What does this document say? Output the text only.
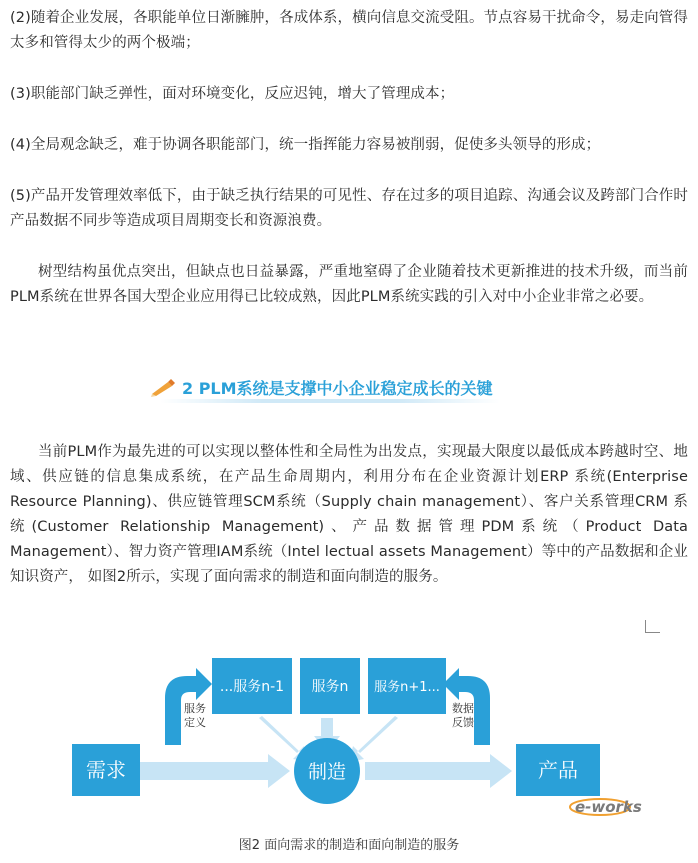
(2)随着企业发展，各职能单位日渐臃肿，各成体系，横向信息交流受阻。节点容易干扰命令，易走向管得太多和管得太少的两个极端；

(3)职能部门缺乏弹性，面对环境变化，反应迟钝，增大了管理成本；

(4)全局观念缺乏，难于协调各职能部门，统一指挥能力容易被削弱，促使多头领导的形成；

(5)产品开发管理效率低下，由于缺乏执行结果的可见性、存在过多的项目追踪、沟通会议及跨部门合作时产品数据不同步等造成项目周期变长和资源浪费。

树型结构虽优点突出，但缺点也日益暴露，严重地窒碍了企业随着技术更新推进的技术升级，而当前PLM系统在世界各国大型企业应用得已比较成熟，因此PLM系统实践的引入对中小企业非常之必要。

2 PLM系统是支撑中小企业稳定成长的关键

当前PLM作为最先进的可以实现以整体性和全局性为出发点，实现最大限度以最低成本跨越时空、地域、供应链的信息集成系统，在产品生命周期内，利用分布在企业资源计划ERP 系统(Enterprise Resource Planning)、供应链管理SCM系统（Supply chain management）、客户关系管理CRM 系统(Customer Relationship Management)、产品数据管理PDM系统（Product Data Management）、智力资产管理IAM系统（Intel lectual assets Management）等中的产品数据和企业知识资产， 如图2所示，实现了面向需求的制造和面向制造的服务。

需求
...服务n-1 服务n 服务n+1...
制造	产品
服务
定义
数据
反馈
e-works
图2 面向需求的制造和面向制造的服务
